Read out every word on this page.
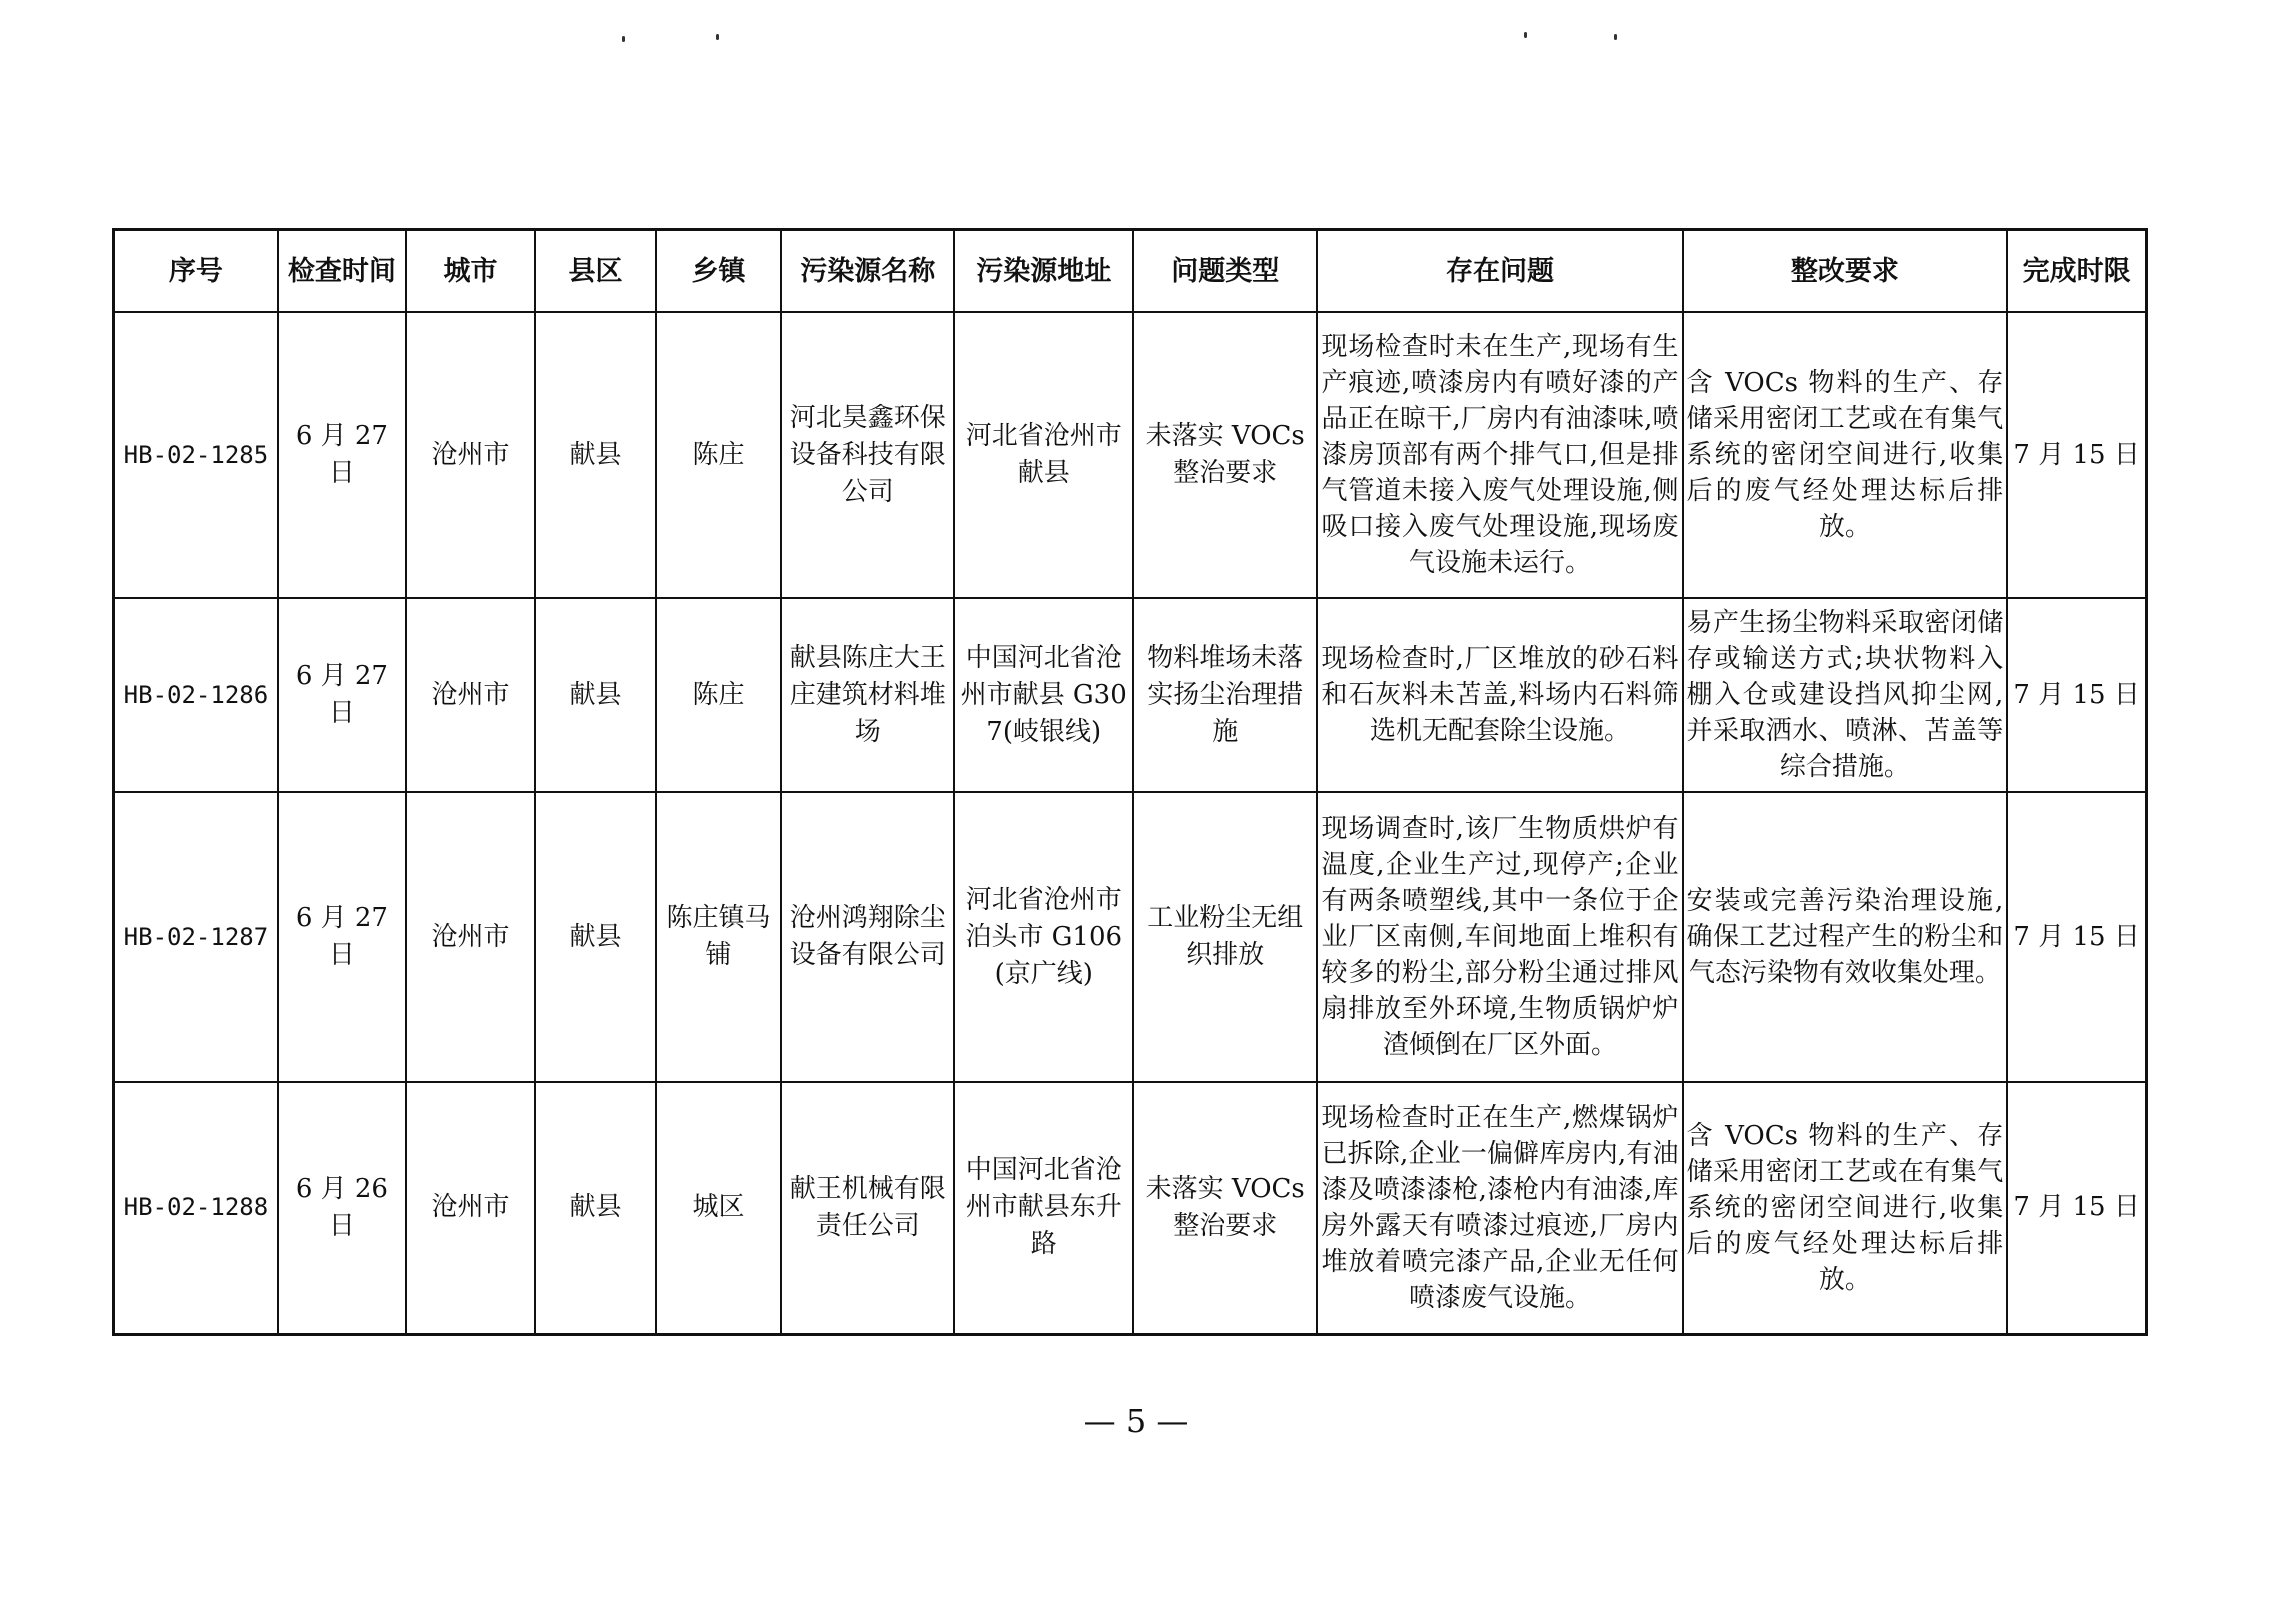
序号	检查时间	城市	县区	乡镇	污染源名称	污染源地址	问题类型	存在问题	整改要求	完成时限
HB-02-1285	6 月 27 日	沧州市	献县	陈庄	河北昊鑫环保设备科技有限公司	河北省沧州市献县	未落实 VOCs 整治要求	现场检查时未在生产,现场有生产痕迹,喷漆房内有喷好漆的产品正在晾干,厂房内有油漆味,喷漆房顶部有两个排气口,但是排气管道未接入废气处理设施,侧吸口接入废气处理设施,现场废气设施未运行。	含 VOCs 物料的生产、存储采用密闭工艺或在有集气系统的密闭空间进行,收集后的废气经处理达标后排放。	7 月 15 日
HB-02-1286	6 月 27 日	沧州市	献县	陈庄	献县陈庄大王庄建筑材料堆场	中国河北省沧州市献县 G307(岐银线)	物料堆场未落实扬尘治理措施	现场检查时,厂区堆放的砂石料和石灰料未苫盖,料场内石料筛选机无配套除尘设施。	易产生扬尘物料采取密闭储存或输送方式;块状物料入棚入仓或建设挡风抑尘网,并采取洒水、喷淋、苫盖等综合措施。	7 月 15 日
HB-02-1287	6 月 27 日	沧州市	献县	陈庄镇马铺	沧州鸿翔除尘设备有限公司	河北省沧州市泊头市 G106(京广线)	工业粉尘无组织排放	现场调查时,该厂生物质烘炉有温度,企业生产过,现停产;企业有两条喷塑线,其中一条位于企业厂区南侧,车间地面上堆积有较多的粉尘,部分粉尘通过排风扇排放至外环境,生物质锅炉炉渣倾倒在厂区外面。	安装或完善污染治理设施,确保工艺过程产生的粉尘和气态污染物有效收集处理。	7 月 15 日
HB-02-1288	6 月 26 日	沧州市	献县	城区	献王机械有限责任公司	中国河北省沧州市献县东升路	未落实 VOCs 整治要求	现场检查时正在生产,燃煤锅炉已拆除,企业一偏僻库房内,有油漆及喷漆漆枪,漆枪内有油漆,库房外露天有喷漆过痕迹,厂房内堆放着喷完漆产品,企业无任何喷漆废气设施。	含 VOCs 物料的生产、存储采用密闭工艺或在有集气系统的密闭空间进行,收集后的废气经处理达标后排放。	7 月 15 日
— 5 —
